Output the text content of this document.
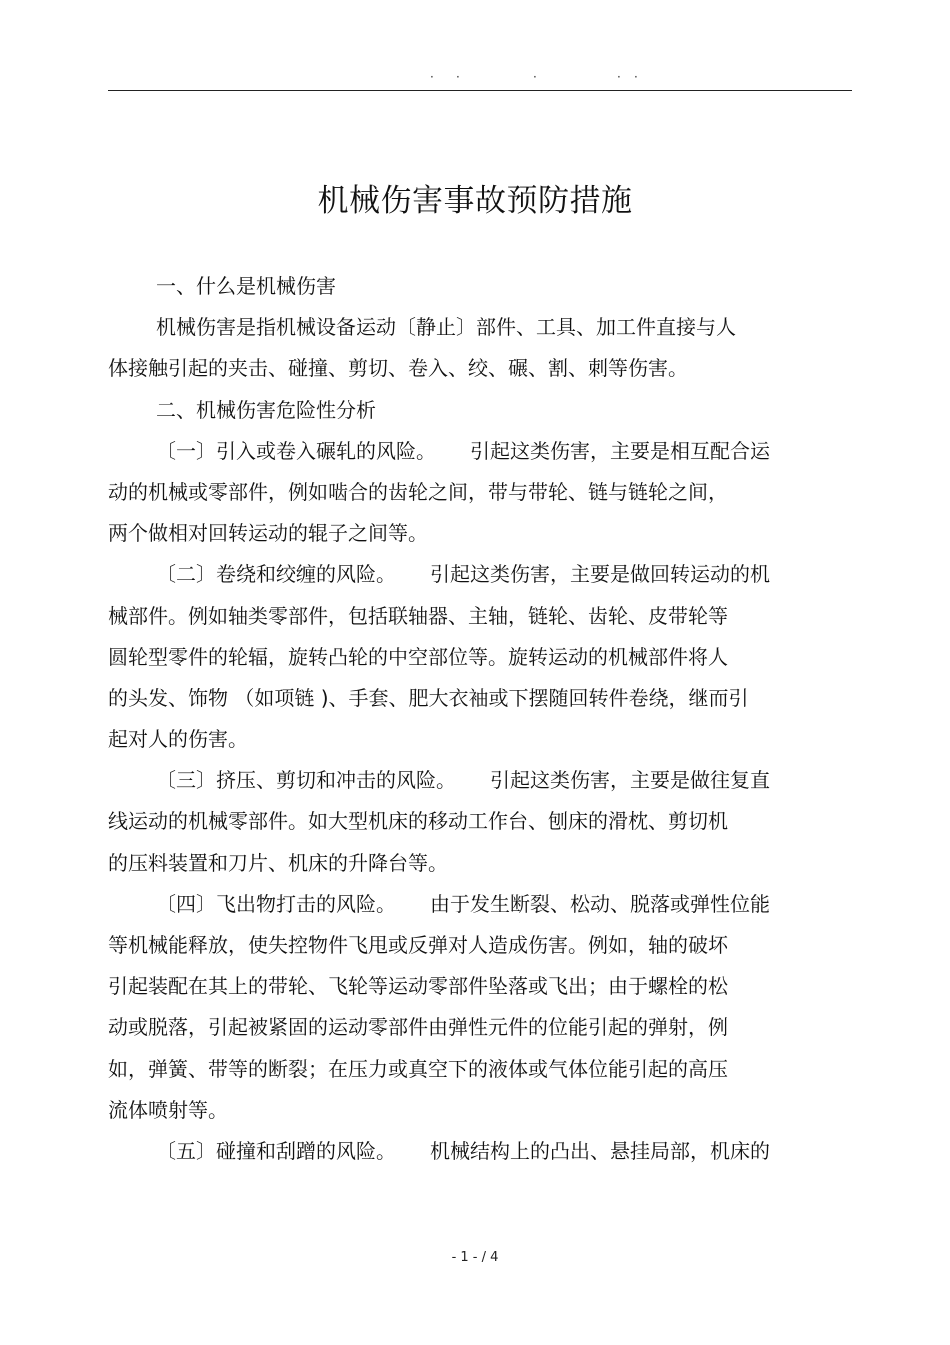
· ·	·	· ·
机械伤害事故预防措施
一、什么是机械伤害
机械伤害是指机械设备运动〔静止〕部件、工具、加工件直接与人
体接触引起的夹击、碰撞、剪切、卷入、绞、碾、割、刺等伤害。
二、机械伤害危险性分析
〔一〕引入或卷入碾轧的风险。 引起这类伤害，主要是相互配合运
动的机械或零部件，例如啮合的齿轮之间，带与带轮、链与链轮之间，
两个做相对回转运动的辊子之间等。
〔二〕卷绕和绞缠的风险。 引起这类伤害，主要是做回转运动的机
械部件。例如轴类零部件，包括联轴器、主轴，链轮、齿轮、皮带轮等
圆轮型零件的轮辐，旋转凸轮的中空部位等。旋转运动的机械部件将人
的头发、饰物 （如项链 )、手套、肥大衣袖或下摆随回转件卷绕，继而引
起对人的伤害。
〔三〕挤压、剪切和冲击的风险。 引起这类伤害，主要是做往复直
线运动的机械零部件。如大型机床的移动工作台、刨床的滑枕、剪切机
的压料装置和刀片、机床的升降台等。
〔四〕飞出物打击的风险。 由于发生断裂、松动、脱落或弹性位能
等机械能释放，使失控物件飞甩或反弹对人造成伤害。例如，轴的破坏
引起装配在其上的带轮、飞轮等运动零部件坠落或飞出；由于螺栓的松
动或脱落，引起被紧固的运动零部件由弹性元件的位能引起的弹射，例
如，弹簧、带等的断裂；在压力或真空下的液体或气体位能引起的高压
流体喷射等。
〔五〕碰撞和刮蹭的风险。 机械结构上的凸出、悬挂局部，机床的
- 1 - / 4
